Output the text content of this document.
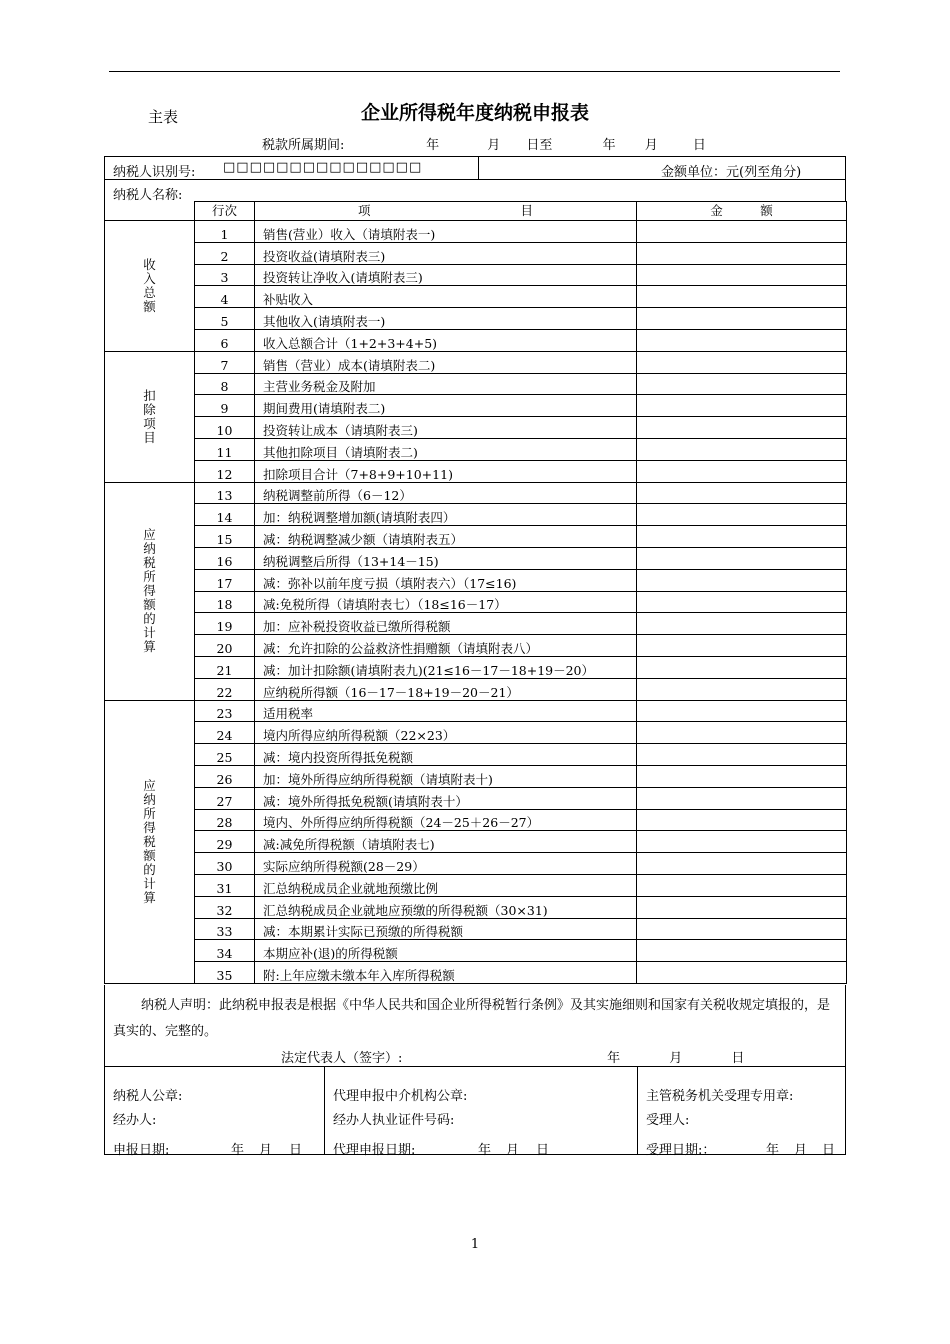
主表	企业所得税年度纳税申报表
税款所属期间:	年	月 日至	年 月	日
纳税人识别号: □□□□□□□□□□□□□□□	金额单位：元(列至角分)
纳税人名称:
	行次	项　　　　　　　　　　　　目	金　　　额
收入总额	1	销售(营业）收入（请填附表一)	
	2	投资收益(请填附表三)	
	3	投资转让净收入(请填附表三)	
	4	补贴收入	
	5	其他收入(请填附表一)	
	6	收入总额合计（1+2+3+4+5)	
扣除项目	7	销售（营业）成本(请填附表二)	
	8	主营业务税金及附加	
	9	期间费用(请填附表二)	
	10	投资转让成本（请填附表三)	
	11	其他扣除项目（请填附表二)	
	12	扣除项目合计（7+8+9+10+11)	
应纳税所得额的计算	13	纳税调整前所得（6－12）	
	14	加：纳税调整增加额(请填附表四）	
	15	减：纳税调整减少额（请填附表五）	
	16	纳税调整后所得（13+14－15)	
	17	减：弥补以前年度亏损（填附表六）（17≤16)	
	18	减:免税所得（请填附表七）（18≤16－17）	
	19	加：应补税投资收益已缴所得税额	
	20	减：允许扣除的公益救济性捐赠额（请填附表八）	
	21	减：加计扣除额(请填附表九)(21≤16－17－18+19－20）	
	22	应纳税所得额（16－17－18+19－20－21）	
应纳所得税额的计算	23	适用税率	
	24	境内所得应纳所得税额（22×23）	
	25	减：境内投资所得抵免税额	
	26	加：境外所得应纳所得税额（请填附表十)	
	27	减：境外所得抵免税额(请填附表十）	
	28	境内、外所得应纳所得税额（24－25＋26－27）	
	29	减:减免所得税额（请填附表七)	
	30	实际应纳所得税额(28－29）	
	31	汇总纳税成员企业就地预缴比例	
	32	汇总纳税成员企业就地应预缴的所得税额（30×31)	
	33	减：本期累计实际已预缴的所得税额	
	34	本期应补(退)的所得税额	
	35	附:上年应缴未缴本年入库所得税额	
纳税人声明：此纳税申报表是根据《中华人民共和国企业所得税暂行条例》及其实施细则和国家有关税收规定填报的，是真实的、完整的。
法定代表人（签字）:	年	月	日
纳税人公章:
经办人:
申报日期:	年 月 日
代理申报中介机构公章:
经办人执业证件号码:
代理申报日期:	年 月 日
主管税务机关受理专用章:
受理人:
受理日期:：	年 月 日
1
